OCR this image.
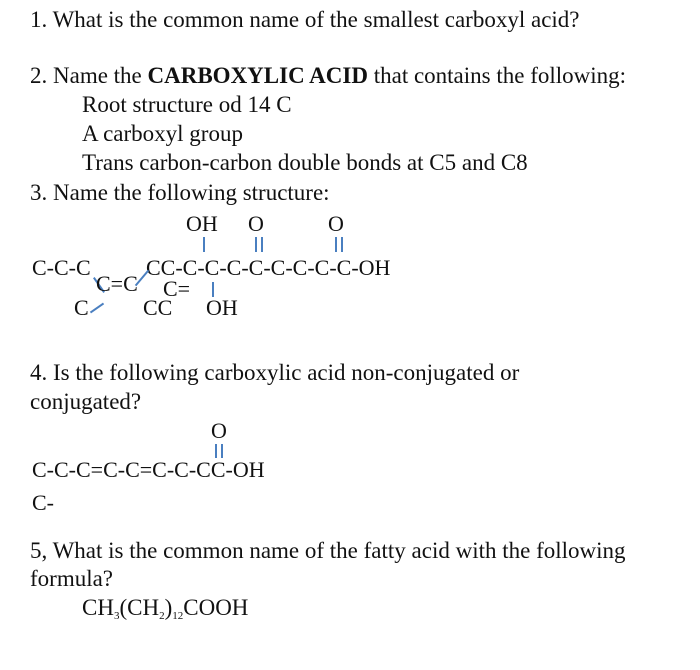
1. What is the common name of the smallest carboxyl acid?
2. Name the CARBOXYLIC ACID that contains the following:
Root structure od 14 C
A carboxyl group
Trans carbon-carbon double bonds at C5 and C8
3. Name the following structure:
OH O	O
C-C-C	CC-C-C-C-C-C-C-C-C-OH
C=C C=
C CC OH
4. Is the following carboxylic acid non-conjugated or
conjugated?
O
C-C-C=C-C=C-C-CC-OH
C-
5, What is the common name of the fatty acid with the following
formula?
$CH_3(CH_2)_{12}COOH$
